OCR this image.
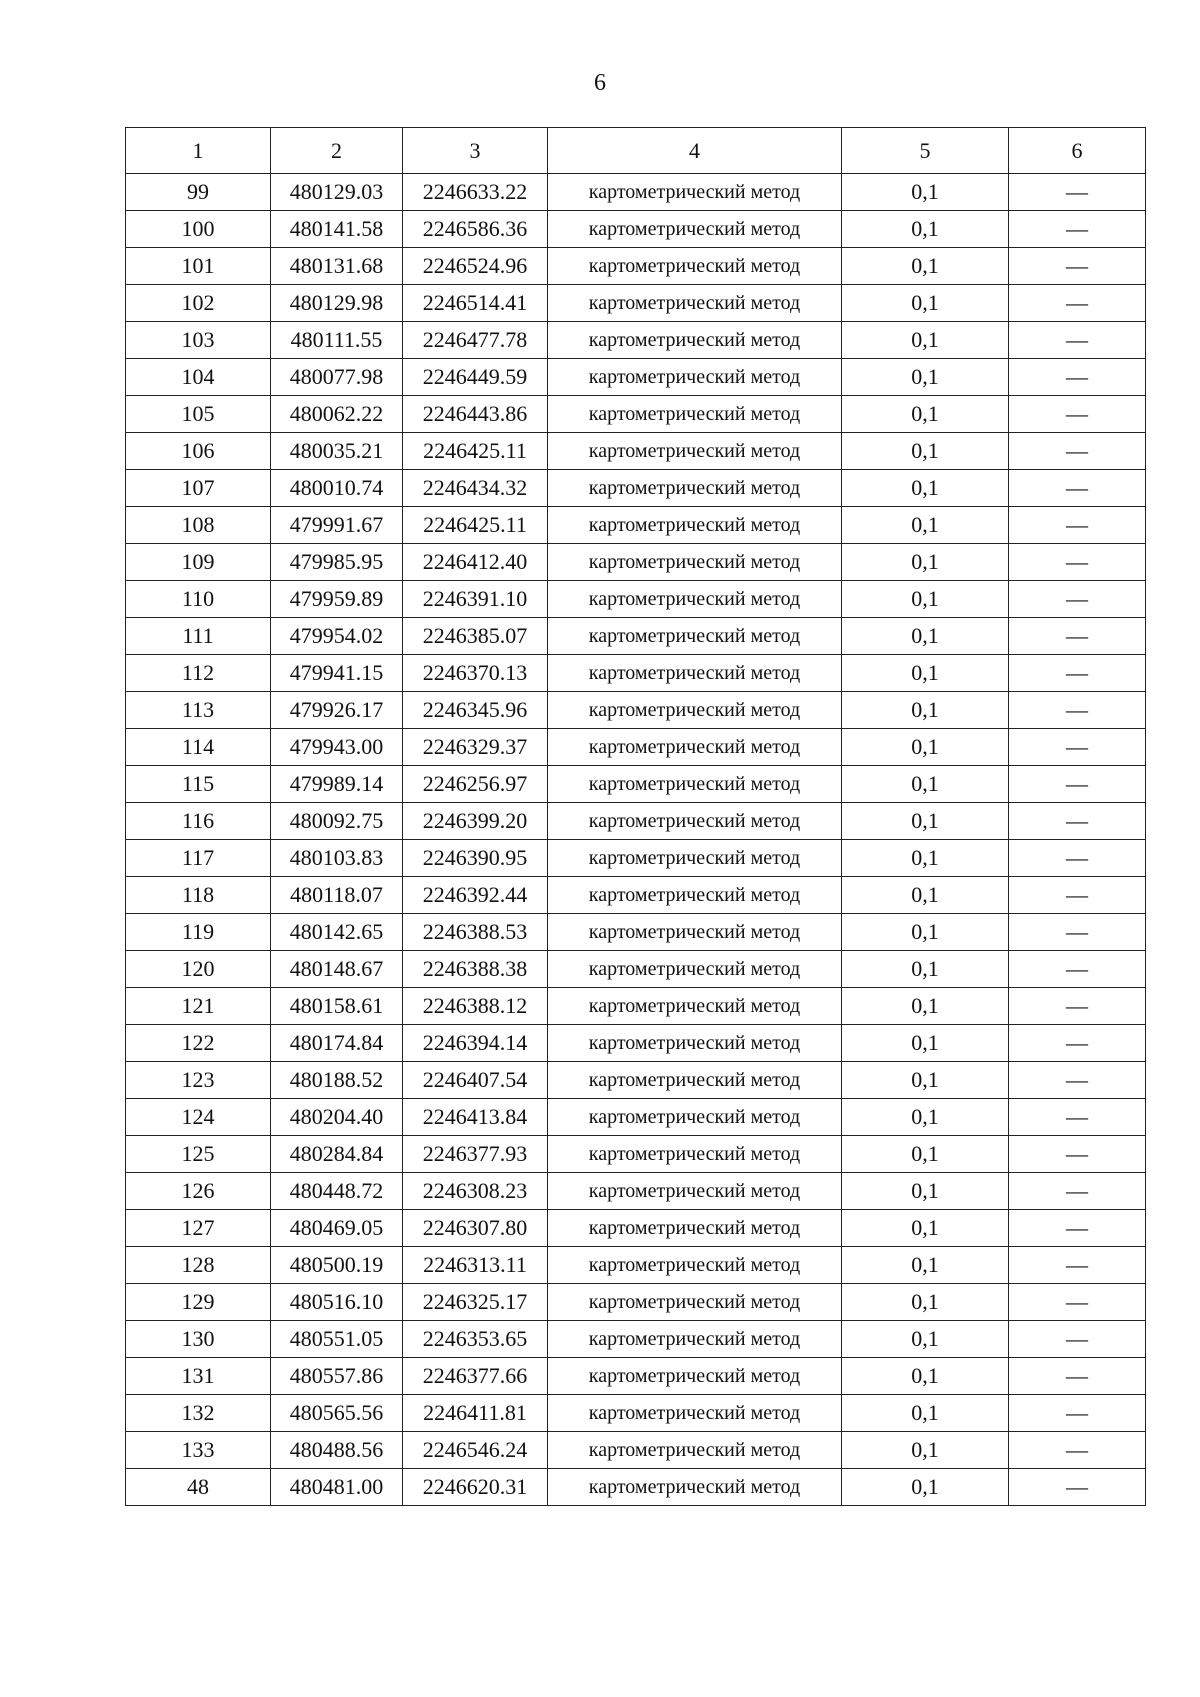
6
1	2	3	4	5	6
99	480129.03	2246633.22	картометрический метод	0,1	—
100	480141.58	2246586.36	картометрический метод	0,1	—
101	480131.68	2246524.96	картометрический метод	0,1	—
102	480129.98	2246514.41	картометрический метод	0,1	—
103	480111.55	2246477.78	картометрический метод	0,1	—
104	480077.98	2246449.59	картометрический метод	0,1	—
105	480062.22	2246443.86	картометрический метод	0,1	—
106	480035.21	2246425.11	картометрический метод	0,1	—
107	480010.74	2246434.32	картометрический метод	0,1	—
108	479991.67	2246425.11	картометрический метод	0,1	—
109	479985.95	2246412.40	картометрический метод	0,1	—
110	479959.89	2246391.10	картометрический метод	0,1	—
111	479954.02	2246385.07	картометрический метод	0,1	—
112	479941.15	2246370.13	картометрический метод	0,1	—
113	479926.17	2246345.96	картометрический метод	0,1	—
114	479943.00	2246329.37	картометрический метод	0,1	—
115	479989.14	2246256.97	картометрический метод	0,1	—
116	480092.75	2246399.20	картометрический метод	0,1	—
117	480103.83	2246390.95	картометрический метод	0,1	—
118	480118.07	2246392.44	картометрический метод	0,1	—
119	480142.65	2246388.53	картометрический метод	0,1	—
120	480148.67	2246388.38	картометрический метод	0,1	—
121	480158.61	2246388.12	картометрический метод	0,1	—
122	480174.84	2246394.14	картометрический метод	0,1	—
123	480188.52	2246407.54	картометрический метод	0,1	—
124	480204.40	2246413.84	картометрический метод	0,1	—
125	480284.84	2246377.93	картометрический метод	0,1	—
126	480448.72	2246308.23	картометрический метод	0,1	—
127	480469.05	2246307.80	картометрический метод	0,1	—
128	480500.19	2246313.11	картометрический метод	0,1	—
129	480516.10	2246325.17	картометрический метод	0,1	—
130	480551.05	2246353.65	картометрический метод	0,1	—
131	480557.86	2246377.66	картометрический метод	0,1	—
132	480565.56	2246411.81	картометрический метод	0,1	—
133	480488.56	2246546.24	картометрический метод	0,1	—
48	480481.00	2246620.31	картометрический метод	0,1	—
